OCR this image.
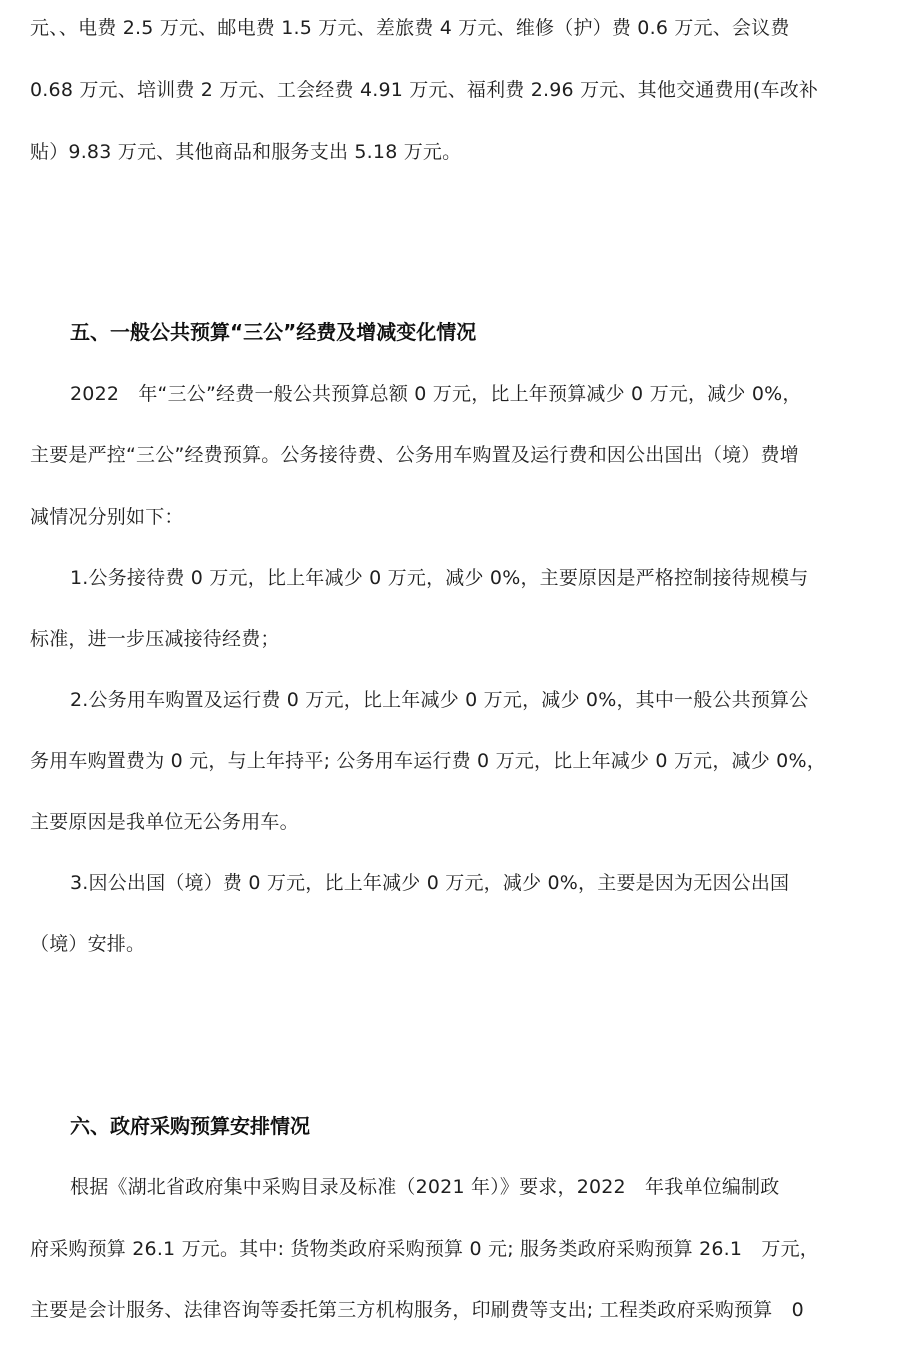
元、、电费 2.5 万元、邮电费 1.5 万元、差旅费 4 万元、维修（护）费 0.6 万元、会议费
0.68 万元、培训费 2 万元、工会经费 4.91 万元、福利费 2.96 万元、其他交通费用(车改补
贴）9.83 万元、其他商品和服务支出 5.18 万元。
五、一般公共预算“三公”经费及增减变化情况
2022　年“三公”经费一般公共预算总额 0 万元，比上年预算减少 0 万元，减少 0%，
主要是严控“三公”经费预算。公务接待费、公务用车购置及运行费和因公出国出（境）费增
减情况分别如下：
1.公务接待费 0 万元，比上年减少 0 万元，减少 0%，主要原因是严格控制接待规模与
标准，进一步压减接待经费；
2.公务用车购置及运行费 0 万元，比上年减少 0 万元，减少 0%，其中一般公共预算公
务用车购置费为 0 元，与上年持平; 公务用车运行费 0 万元，比上年减少 0 万元，减少 0%，
主要原因是我单位无公务用车。
3.因公出国（境）费 0 万元，比上年减少 0 万元，减少 0%，主要是因为无因公出国
（境）安排。
六、政府采购预算安排情况
根据《湖北省政府集中采购目录及标准（2021 年）》要求，2022　年我单位编制政
府采购预算 26.1 万元。其中: 货物类政府采购预算 0 元; 服务类政府采购预算 26.1　万元，
主要是会计服务、法律咨询等委托第三方机构服务，印刷费等支出; 工程类政府采购预算　0
